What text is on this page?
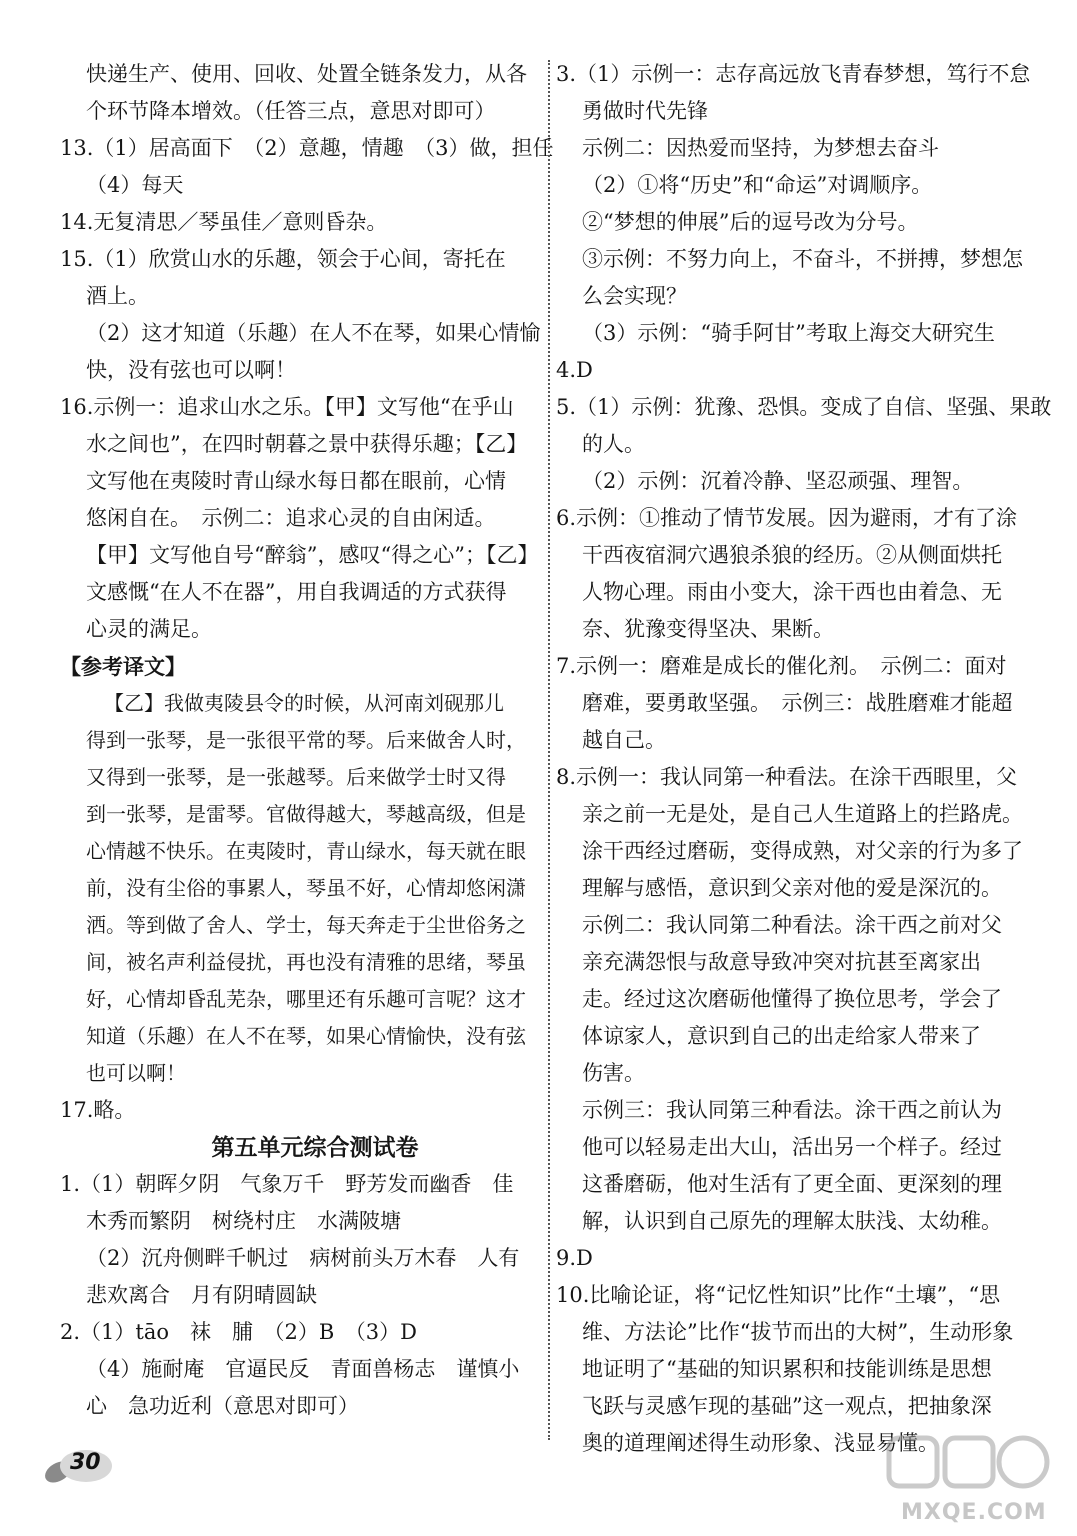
快递生产、使用、回收、处置全链条发力，从各
个环节降本增效。（任答三点，意思对即可）
13.（1）居高面下　（2）意趣，情趣　（3）做，担任
（4）每天
14.无复清思／琴虽佳／意则昏杂。
15.（1）欣赏山水的乐趣，领会于心间，寄托在
酒上。
（2）这才知道（乐趣）在人不在琴，如果心情愉
快，没有弦也可以啊！
16.示例一：追求山水之乐。【甲】文写他“在乎山
水之间也”，在四时朝暮之景中获得乐趣；【乙】
文写他在夷陵时青山绿水每日都在眼前，心情
悠闲自在。　示例二：追求心灵的自由闲适。
【甲】文写他自号“醉翁”，感叹“得之心”；【乙】
文感慨“在人不在器”，用自我调适的方式获得
心灵的满足。
【参考译文】
【乙】我做夷陵县令的时候，从河南刘砚那儿
得到一张琴，是一张很平常的琴。后来做舍人时，
又得到一张琴，是一张越琴。后来做学士时又得
到一张琴，是雷琴。官做得越大，琴越高级，但是
心情越不快乐。在夷陵时，青山绿水，每天就在眼
前，没有尘俗的事累人，琴虽不好，心情却悠闲潇
洒。等到做了舍人、学士，每天奔走于尘世俗务之
间，被名声利益侵扰，再也没有清雅的思绪，琴虽
好，心情却昏乱芜杂，哪里还有乐趣可言呢？这才
知道（乐趣）在人不在琴，如果心情愉快，没有弦
也可以啊！
17.略。
第五单元综合测试卷
1.（1）朝晖夕阴　气象万千　野芳发而幽香　佳
木秀而繁阴　树绕村庄　水满陂塘
（2）沉舟侧畔千帆过　病树前头万木春　人有
悲欢离合　月有阴晴圆缺
2.（1）tāo　袜　脯　（2）B　（3）D
（4）施耐庵　官逼民反　青面兽杨志　谨慎小
心　急功近利（意思对即可）
3.（1）示例一：志存高远放飞青春梦想，笃行不怠
勇做时代先锋
示例二：因热爱而坚持，为梦想去奋斗
（2）①将“历史”和“命运”对调顺序。
②“梦想的伸展”后的逗号改为分号。
③示例：不努力向上，不奋斗，不拼搏，梦想怎
么会实现？
（3）示例：“骑手阿甘”考取上海交大研究生
4.D
5.（1）示例：犹豫、恐惧。变成了自信、坚强、果敢
的人。
（2）示例：沉着冷静、坚忍顽强、理智。
6.示例：①推动了情节发展。因为避雨，才有了涂
干西夜宿洞穴遇狼杀狼的经历。②从侧面烘托
人物心理。雨由小变大，涂干西也由着急、无
奈、犹豫变得坚决、果断。
7.示例一：磨难是成长的催化剂。　示例二：面对
磨难，要勇敢坚强。　示例三：战胜磨难才能超
越自己。
8.示例一：我认同第一种看法。在涂干西眼里，父
亲之前一无是处，是自己人生道路上的拦路虎。
涂干西经过磨砺，变得成熟，对父亲的行为多了
理解与感悟，意识到父亲对他的爱是深沉的。
示例二：我认同第二种看法。涂干西之前对父
亲充满怨恨与敌意导致冲突对抗甚至离家出
走。经过这次磨砺他懂得了换位思考，学会了
体谅家人，意识到自己的出走给家人带来了
伤害。
示例三：我认同第三种看法。涂干西之前认为
他可以轻易走出大山，活出另一个样子。经过
这番磨砺，他对生活有了更全面、更深刻的理
解，认识到自己原先的理解太肤浅、太幼稚。
9.D
10.比喻论证，将“记忆性知识”比作“土壤”，“思
维、方法论”比作“拔节而出的大树”，生动形象
地证明了“基础的知识累积和技能训练是思想
飞跃与灵感乍现的基础”这一观点，把抽象深
奥的道理阐述得生动形象、浅显易懂。
30
MXQE.COM
